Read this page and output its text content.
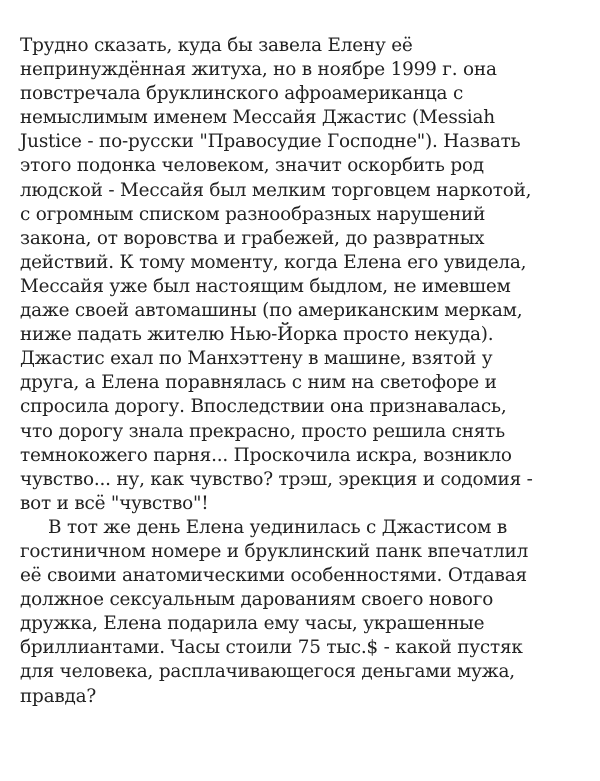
Трудно сказать, куда бы завела Елену её
непринуждённая житуха, но в ноябре 1999 г. она
повстречала бруклинского афроамериканца с
немыслимым именем Мессайя Джастис (Messiah
Justice - по-русски "Правосудие Господне"). Назвать
этого подонка человеком, значит оскорбить род
людской - Мессайя был мелким торговцем наркотой,
с огромным списком разнообразных нарушений
закона, от воровства и грабежей, до развратных
действий. К тому моменту, когда Елена его увидела,
Мессайя уже был настоящим быдлом, не имевшем
даже своей автомашины (по американским меркам,
ниже падать жителю Нью-Йорка просто некуда).
Джастис ехал по Манхэттену в машине, взятой у
друга, а Елена поравнялась с ним на светофоре и
спросила дорогу. Впоследствии она признавалась,
что дорогу знала прекрасно, просто решила снять
темнокожего парня... Проскочила искра, возникло
чувство... ну, как чувство? трэш, эрекция и содомия -
вот и всё "чувство"!
В тот же день Елена уединилась с Джастисом в
гостиничном номере и бруклинский панк впечатлил
её своими анатомическими особенностями. Отдавая
должное сексуальным дарованиям своего нового
дружка, Елена подарила ему часы, украшенные
бриллиантами. Часы стоили 75 тыс.$ - какой пустяк
для человека, расплачивающегося деньгами мужа,
правда?
